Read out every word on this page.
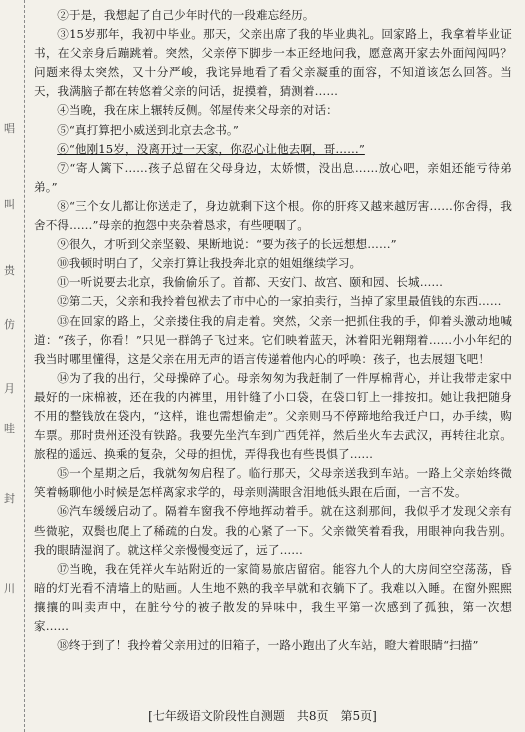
唱
叫
贵
仿
月
哇
封
川

②于是，我想起了自己少年时代的一段难忘经历。

③15岁那年，我初中毕业。那天，父亲出席了我的毕业典礼。回家路上，我拿着毕业证书，在父亲身后蹦跳着。突然，父亲停下脚步一本正经地问我，愿意离开家去外面闯闯吗？问题来得太突然，又十分严峻，我诧异地看了看父亲凝重的面容，不知道该怎么回答。当天，我满脑子都在转悠着父亲的问话，捉摸着，猜测着……

④当晚，我在床上辗转反侧。邻屋传来父母亲的对话：

⑤“真打算把小威送到北京去念书。”

⑥“他刚15岁，没离开过一天家，你忍心让他去啊，哥……”

⑦“寄人篱下……孩子总留在父母身边，太娇惯，没出息……放心吧，亲姐还能亏待弟弟。”

⑧“三个女儿都让你送走了，身边就剩下这个根。你的肝疼又越来越厉害……你舍得，我舍不得……”母亲的抱怨中夹杂着恳求，有些哽咽了。

⑨很久，才听到父亲坚毅、果断地说：“要为孩子的长远想想……”

⑩我顿时明白了，父亲打算让我投奔北京的姐姐继续学习。

⑪一听说要去北京，我偷偷乐了。首都、天安门、故宫、颐和园、长城……

⑫第二天，父亲和我拎着包袱去了市中心的一家拍卖行，当掉了家里最值钱的东西……

⑬在回家的路上，父亲搂住我的肩走着。突然，父亲一把抓住我的手，仰着头激动地喊道：“孩子，你看！”只见一群鸽子飞过来。它们映着蓝天，沐着阳光翱翔着……小小年纪的我当时哪里懂得，这是父亲在用无声的语言传递着他内心的呼唤：孩子，也去展翅飞吧！

⑭为了我的出行，父母操碎了心。母亲匆匆为我赶制了一件厚棉背心，并让我带走家中最好的一床棉被，还在我的内裤里，用针缝了小口袋，在袋口钉上一排按扣。她让我把随身不用的整钱放在袋内，“这样，谁也需想偷走”。父亲则马不停蹄地给我迁户口，办手续，购车票。那时贵州还没有铁路。我要先坐汽车到广西凭祥，然后坐火车去武汉，再转往北京。旅程的遥远、换乘的复杂，父母的担忧，弄得我也有些畏惧了……

⑮一个星期之后，我就匆匆启程了。临行那天，父母亲送我到车站。一路上父亲始终微笑着畅聊他小时候是怎样离家求学的，母亲则满眼含泪地低头跟在后面，一言不发。

⑯汽车缓缓启动了。隔着车窗我不停地挥动着手。就在这刹那间，我似乎才发现父亲有些微驼，双鬓也爬上了稀疏的白发。我的心紧了一下。父亲微笑着看我，用眼神向我告别。我的眼睛湿润了。就这样父亲慢慢变远了，远了……

⑰当晚，我在凭祥火车站附近的一家简易旅店留宿。能容九个人的大房间空空荡荡，昏暗的灯光看不清墙上的贴画。人生地不熟的我辛早就和衣躺下了。我难以入睡。在窗外熙熙攘攘的叫卖声中，在脏兮兮的被子散发的异味中，我生平第一次感到了孤独，第一次想家……

⑱终于到了！我拎着父亲用过的旧箱子，一路小跑出了火车站，瞪大着眼睛“扫描”

[七年级语文阶段性自测题　共8页　第5页]
